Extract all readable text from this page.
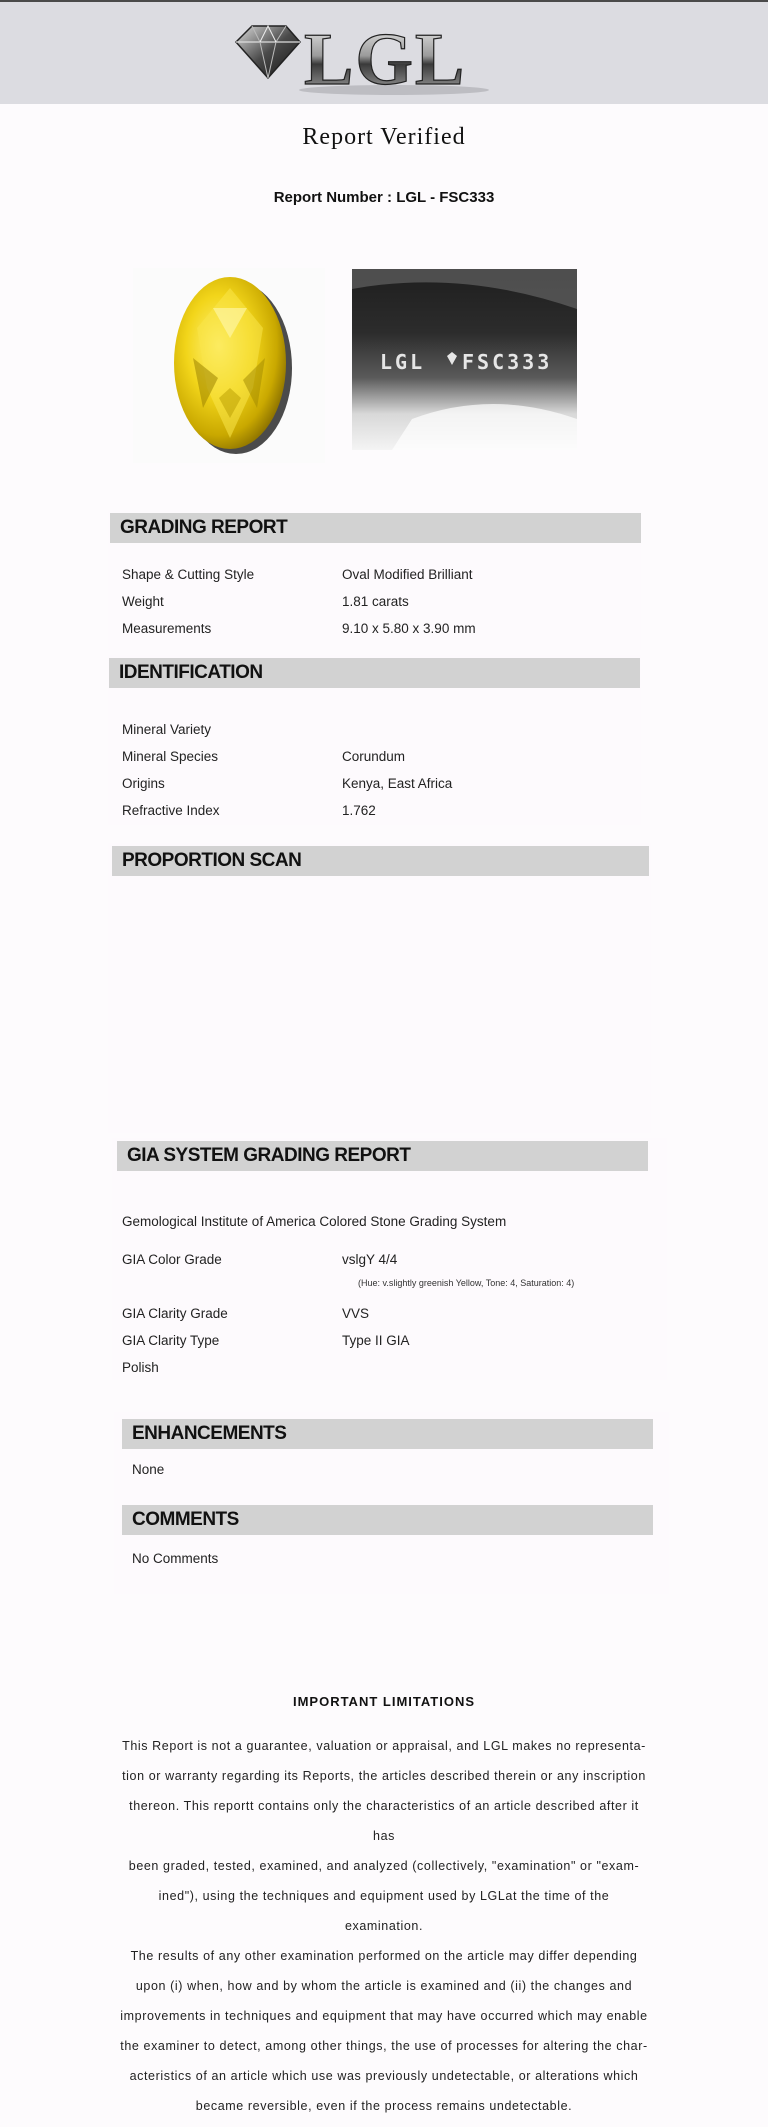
LGL
Report Verified
Report Number : LGL - FSC333
LGL FSC333
GRADING REPORT
Shape & Cutting Style	Oval Modified Brilliant
Weight	1.81 carats
Measurements	9.10 x 5.80 x 3.90 mm
IDENTIFICATION
Mineral Variety
Mineral Species	Corundum
Origins	Kenya, East Africa
Refractive Index	1.762
PROPORTION SCAN
GIA SYSTEM GRADING REPORT
Gemological Institute of America Colored Stone Grading System
GIA Color Grade	vslgY 4/4
(Hue: v.slightly greenish Yellow, Tone: 4, Saturation: 4)
GIA Clarity Grade	VVS
GIA Clarity Type	Type II GIA
Polish
ENHANCEMENTS
None
COMMENTS
No Comments
IMPORTANT LIMITATIONS
This Report is not a guarantee, valuation or appraisal, and LGL makes no representa-
tion or warranty regarding its Reports, the articles described therein or any inscription
thereon. This reportt contains only the characteristics of an article described after it has
been graded, tested, examined, and analyzed (collectively, "examination" or "exam-
ined"), using the techniques and equipment used by LGLat the time of the examination.
The results of any other examination performed on the article may differ depending
upon (i) when, how and by whom the article is examined and (ii) the changes and
improvements in techniques and equipment that may have occurred which may enable
the examiner to detect, among other things, the use of processes for altering the char-
acteristics of an article which use was previously undetectable, or alterations which
became reversible, even if the process remains undetectable.
